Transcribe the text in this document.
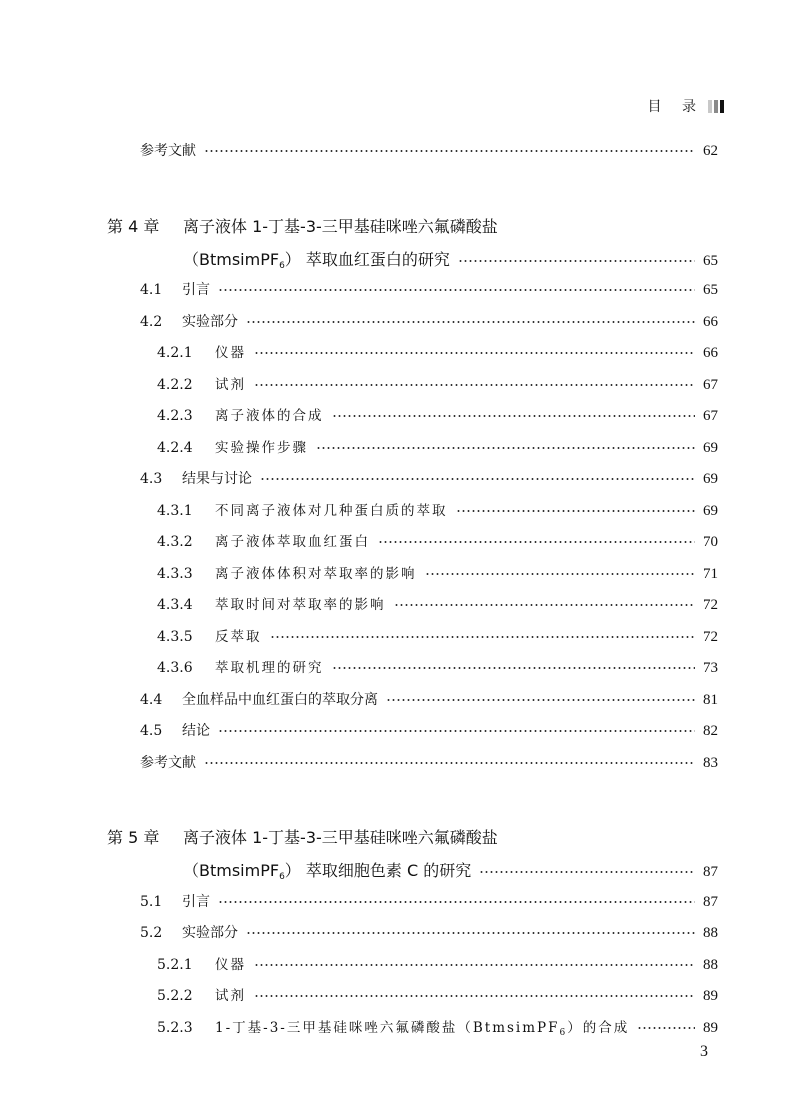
目 录
参考文献	62
第 4 章	离子液体 1-丁基-3-三甲基硅咪唑六氟磷酸盐
（BtmsimPF$_6$） 萃取血红蛋白的研究	65
4.1	引言	65
4.2	实验部分	66
4.2.1	仪器	66
4.2.2	试剂	67
4.2.3	离子液体的合成	67
4.2.4	实验操作步骤	69
4.3	结果与讨论	69
4.3.1	不同离子液体对几种蛋白质的萃取	69
4.3.2	离子液体萃取血红蛋白	70
4.3.3	离子液体体积对萃取率的影响	71
4.3.4	萃取时间对萃取率的影响	72
4.3.5	反萃取	72
4.3.6	萃取机理的研究	73
4.4	全血样品中血红蛋白的萃取分离	81
4.5	结论	82
参考文献	83
第 5 章	离子液体 1-丁基-3-三甲基硅咪唑六氟磷酸盐
（BtmsimPF$_6$） 萃取细胞色素 C 的研究	87
5.1	引言	87
5.2	实验部分	88
5.2.1	仪器	88
5.2.2	试剂	89
5.2.3	1-丁基-3-三甲基硅咪唑六氟磷酸盐（BtmsimPF$_6$）的合成	89
3
